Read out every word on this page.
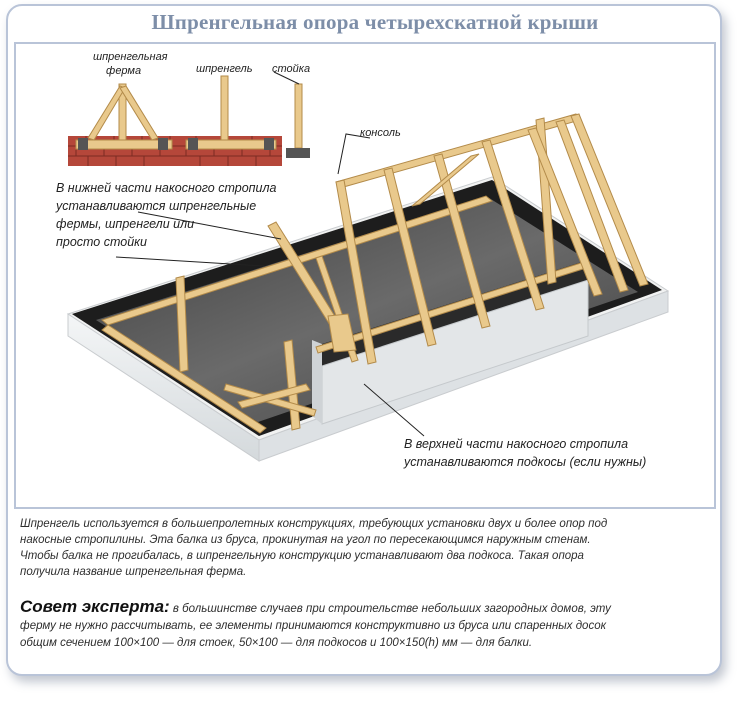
Шпренгельная опора четырехскатной крыши
шпренгельная
ферма	шпренгель стойка
консоль
В нижней части накосного стропила
устанавливаются шпренгельные
фермы, шпренгели или
просто стойки
В верхней части накосного стропила
устанавливаются подкосы (если нужны)
Шпренгель используется в большепролетных конструкциях, требующих установки двух и более опор под
накосные стропилины. Эта балка из бруса, прокинутая на угол по пересекающимся наружным стенам.
Чтобы балка не прогибалась, в шпренгельную конструкцию устанавливают два подкоса. Такая опора
получила название шпренгельная ферма.
Совет эксперта: в большинстве случаев при строительстве небольших загородных домов, эту
ферму не нужно рассчитывать, ее элементы принимаются конструктивно из бруса или спаренных досок
общим сечением 100×100 — для стоек, 50×100 — для подкосов и 100×150(h) мм — для балки.
